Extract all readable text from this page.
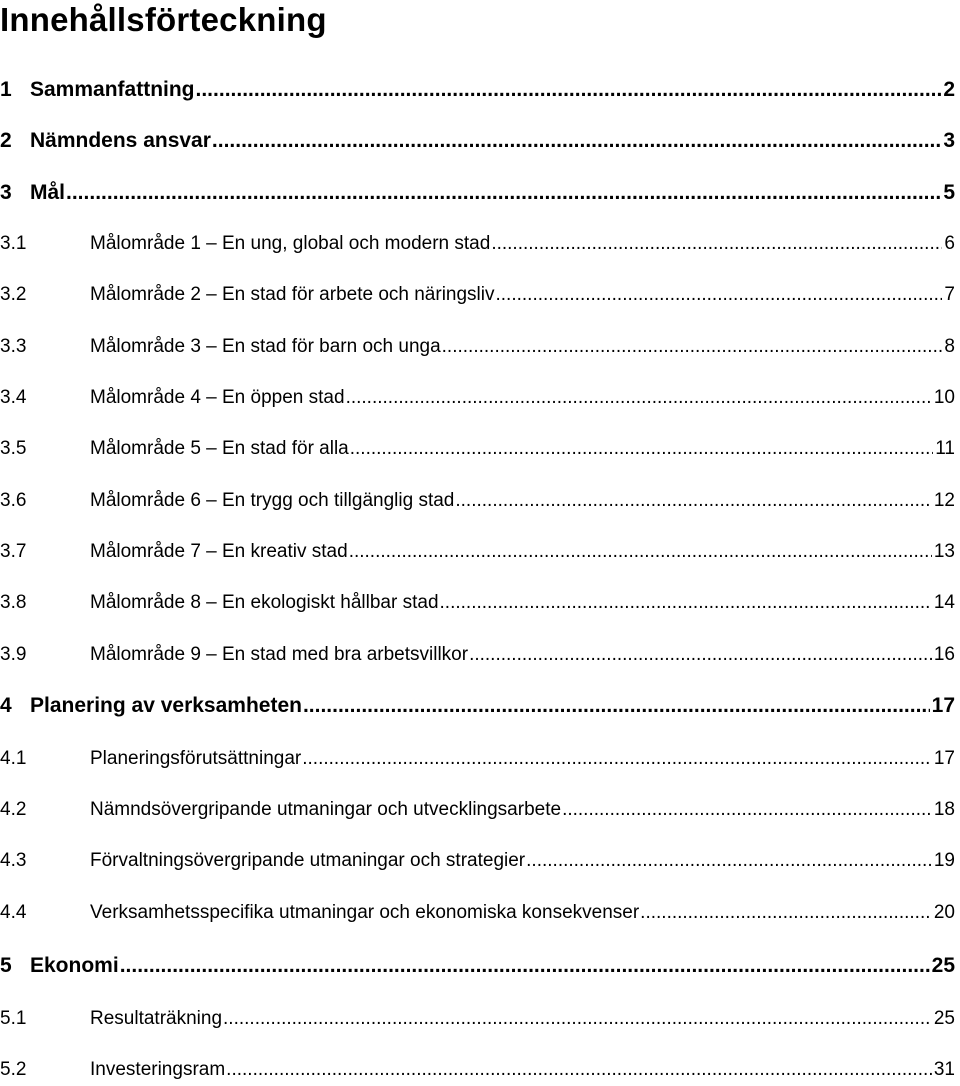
Innehållsförteckning
1 Sammanfattning .....	2
2 Nämndens ansvar .....	3
3 Mål .....	5
3.1	Målområde 1 – En ung, global och modern stad .....	6
3.2	Målområde 2 – En stad för arbete och näringsliv .....	7
3.3	Målområde 3 – En stad för barn och unga .....	8
3.4	Målområde 4 – En öppen stad .....	10
3.5	Målområde 5 – En stad för alla .....	11
3.6	Målområde 6 – En trygg och tillgänglig stad .....	12
3.7	Målområde 7 – En kreativ stad .....	13
3.8	Målområde 8 – En ekologiskt hållbar stad .....	14
3.9	Målområde 9 – En stad med bra arbetsvillkor .....	16
4 Planering av verksamheten .....	17
4.1	Planeringsförutsättningar .....	17
4.2	Nämndsövergripande utmaningar och utvecklingsarbete .....	18
4.3	Förvaltningsövergripande utmaningar och strategier .....	19
4.4	Verksamhetsspecifika utmaningar och ekonomiska konsekvenser .....	20
5 Ekonomi .....	25
5.1	Resultaträkning .....	25
5.2	Investeringsram .....	31
